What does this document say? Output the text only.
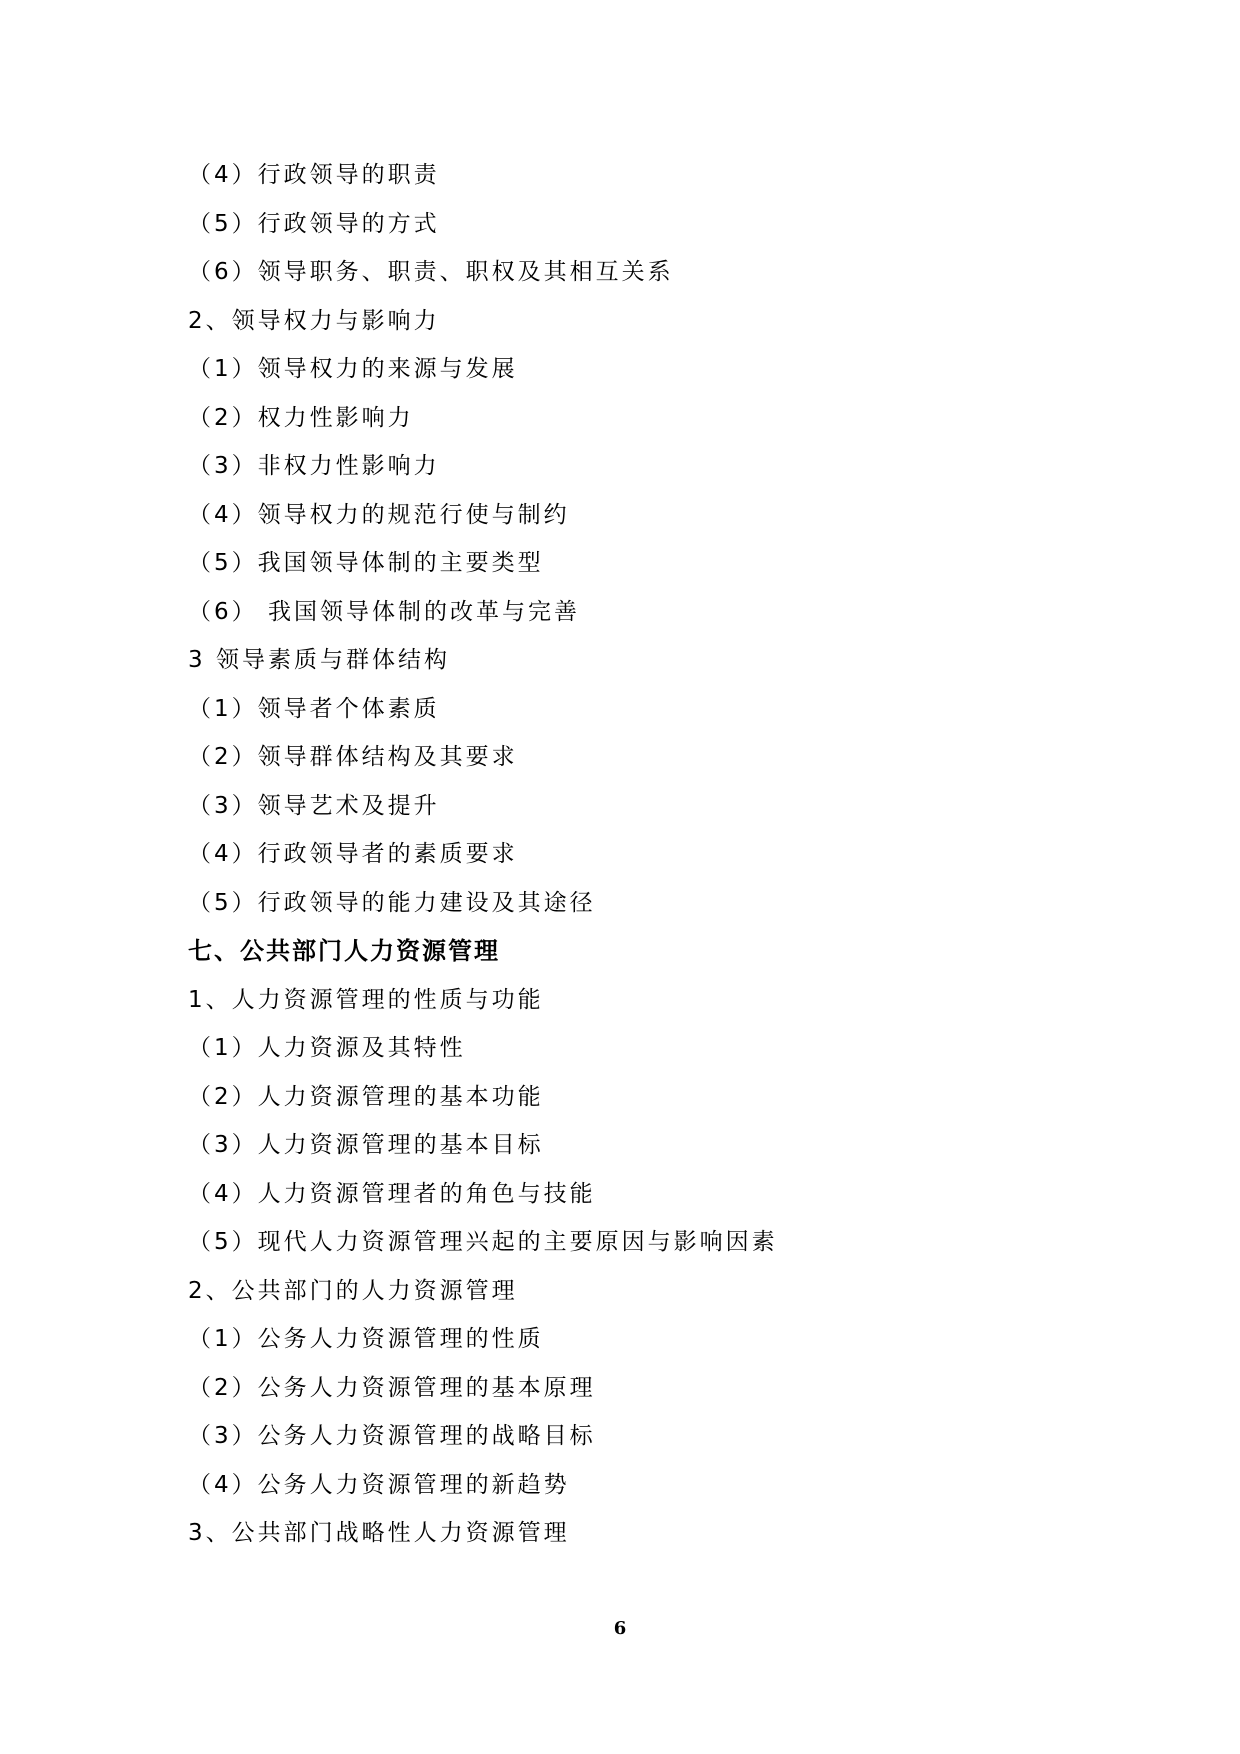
（4）行政领导的职责
（5）行政领导的方式
（6）领导职务、职责、职权及其相互关系
2、领导权力与影响力
（1）领导权力的来源与发展
（2）权力性影响力
（3）非权力性影响力
（4）领导权力的规范行使与制约
（5）我国领导体制的主要类型
（6） 我国领导体制的改革与完善
3 领导素质与群体结构
（1）领导者个体素质
（2）领导群体结构及其要求
（3）领导艺术及提升
（4）行政领导者的素质要求
（5）行政领导的能力建设及其途径
七、公共部门人力资源管理
1、人力资源管理的性质与功能
（1）人力资源及其特性
（2）人力资源管理的基本功能
（3）人力资源管理的基本目标
（4）人力资源管理者的角色与技能
（5）现代人力资源管理兴起的主要原因与影响因素
2、公共部门的人力资源管理
（1）公务人力资源管理的性质
（2）公务人力资源管理的基本原理
（3）公务人力资源管理的战略目标
（4）公务人力资源管理的新趋势
3、公共部门战略性人力资源管理
6
